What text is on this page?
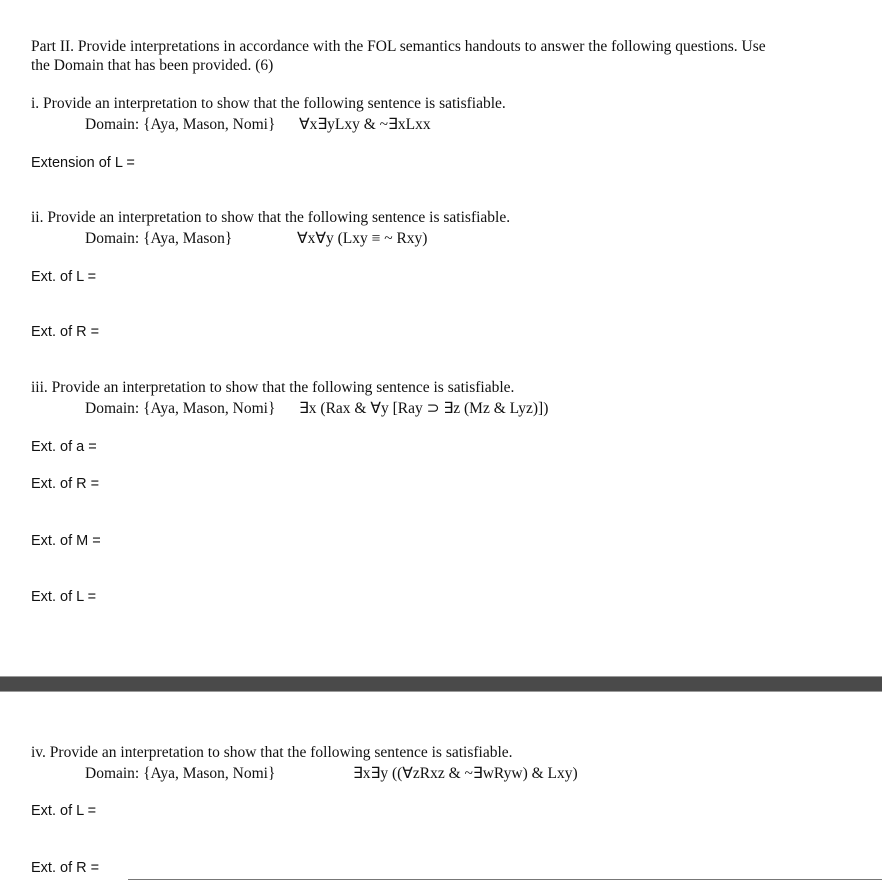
Part II. Provide interpretations in accordance with the FOL semantics handouts to answer the following questions. Use

the Domain that has been provided. (6)

i. Provide an interpretation to show that the following sentence is satisfiable.

Domain: {Aya, Mason, Nomi} ∀x∃yLxy & ~∃xLxx

Extension of L =

ii. Provide an interpretation to show that the following sentence is satisfiable.

Domain: {Aya, Mason}	∀x∀y (Lxy ≡ ~ Rxy)

Ext. of L =

Ext. of R =

iii. Provide an interpretation to show that the following sentence is satisfiable.

Domain: {Aya, Mason, Nomi} ∃x (Rax & ∀y [Ray ⊃ ∃z (Mz & Lyz)])

Ext. of a =

Ext. of R =

Ext. of M =

Ext. of L =

iv. Provide an interpretation to show that the following sentence is satisfiable.

Domain: {Aya, Mason, Nomi}	∃x∃y ((∀zRxz & ~∃wRyw) & Lxy)

Ext. of L =

Ext. of R =
